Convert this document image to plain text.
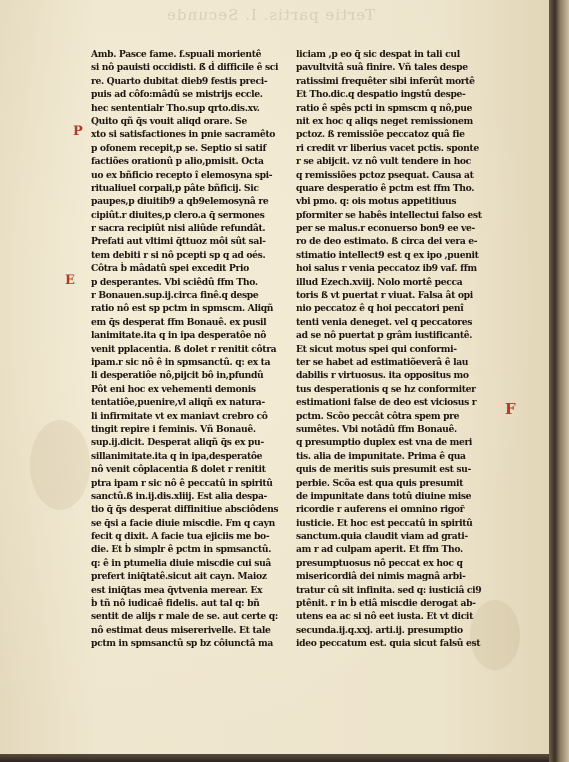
Tertie partis. I. Secunde
P
E
F
Amb. Pasce fame. f.spuali morientê
si nô pauisti occidisti. ß̄ ḋ difficile ê sci
re. Quarto dubitat dieb9 festis preci-
puis ad côfo:mâdû se mistrijs eccle.
hec sententialr Tho.sup qrto.dis.xv.
Quito qñ q̄s vouit aliqd orare. Se
xto si satisfactiones in pnie sacramêto
p ofonem recepit,p se. Septio si satif
factiões orationû p alio,pmisit. Octa
uo ex bñficio recepto î elemosyna spi-
ritualiuel corpali,p pâte bñficij. Sic
paupes,p diuitib9 a qb9elemosynâ re
cipiût.r diuites,p clero.a q̄ sermones
r sacra recipiût nisi aliûde refundât.
Prefati aut vltimi q̄ttuoz môi sût sal-
tem debiti r si nô pcepti sp q ad oés.
Côtra ḃ mâdatû spei excedit Prio
p desperantes. Vbi sciêdû ffm Tho.
r Bonauen.sup.ij.circa finê.q despe
ratio nô est sp pctm in spmscm. Aliqñ
em q̄s desperat ffm Bonauê. ex pusil
lanimitate.ita q in ipa desperatôe nô
venit pplacentia. ß dolet r renitit côtra
ipam.r sic nô ê in spmsanctû. q: ex ta
li desperatiôe nô,pijcit bô in,pfundû
Pôt eni hoc ex vehementi demonis
tentatiôe,puenire,vl aliqñ ex natura-
li infirmitate vt ex maniavt crebro cô
tingit repire i feminis. Vñ Bonauê.
sup.ij.dicit. Desperat aliqñ q̄s ex pu-
sillanimitate.ita q in ipa,desperatôe
nô venit côplacentia ß dolet r renitit
ptra ipam r sic nô ê peccatû in spiritû
sanctû.ß in.ij.dis.xliij. Est alia despa-
tio q̄ q̄s desperat diffinitiue absciôdens
se q̄si a facie diuie miscdie. Fm q cayn
fecit q dixit. A facie tua ejiciis me bo-
die. Et ḃ simplr ê pctm in spmsanctû.
q: ê in ptumelia diuie miscdie cui suâ
prefert iniq̄tatê.sicut ait cayn. Maioz
est iniq̄tas mea q̄vtvenia merear. Ex
ḃ tñ nô iudicaê fidelis. aut tal q: bñ
sentit de alijs r male de se. aut certe q:
nô estimat deus misererivelle. Et tale
pctm in spmsanctû sp bz côiunctâ ma
liciam ,p eo q̄ sic despat in tali cul
pavultvitâ suâ finire. Vñ tales despe
ratissimi frequêter sibi inferût mortê
Et Tho.dic.q despatio ingstû despe-
ratio ê spês pcti in spmscm q nô,pue
nit ex hoc q aliqs neget remissionem
pctoz. ß remissiõe peccatoz quâ fie
ri credit vr liberius vacet pctis. sponte
r se abijcit. vz nô vult tendere in hoc
q remissiões pctoz psequat. Causa at
quare desperatio ê pctm est ffm Tho.
vbi pmo. q: ois motus appetitiuus
pformiter se habês intellectui falso est
per se malus.r econuerso bon9 ee ve-
ro de deo estimato. ß circa dei vera e-
stimatio intellect9 est q ex ipo ,puenit
hoi salus r venia peccatoz ib9 vaf. ffm
illud Ezech.xviij. Nolo mortê pecca
toris ß vt puertat r viuat. Falsa ât opi
nio peccatoz ê q hoi peccatori penî
tenti venia deneget. vel q peccatores
ad se nô puertat p grâm iustificantê.
Et sicut motus spei qui conformi-
ter se habet ad estimatiõeverâ ê lau
dabilis r virtuosus. ita oppositus mo
tus desperationis q se hz conformiter
estimationi false de deo est viciosus r
pctm. Scõo peccât côtra spem pre
sumêtes. Vbi notâdû ffm Bonauê.
q presumptio duplex est vna de meri
tis. alia de impunitate. Prima ê qua
quis de meritis suis presumit est su-
perbie. Scõa est qua quis presumit
de impunitate dans totû diuine mise
ricordie r auferens ei omnino rigoȓ
iusticie. Et hoc est peccatû in spiritû
sanctum.quia claudit viam ad grati-
am r ad culpam aperit. Et ffm Tho.
presumptuosus nô peccat ex hoc q
misericordiâ dei nimis magnâ arbi-
tratur cû sit infinita. sed q: iusticiâ ci9
ptênit. r in ḃ etiâ miscdie derogat ab-
utens ea ac si nô eet iusta. Et vt dicit
secunda.ij.q.xxj. arti.ij. presumptio
ideo peccatum est. quia sicut falsû est
